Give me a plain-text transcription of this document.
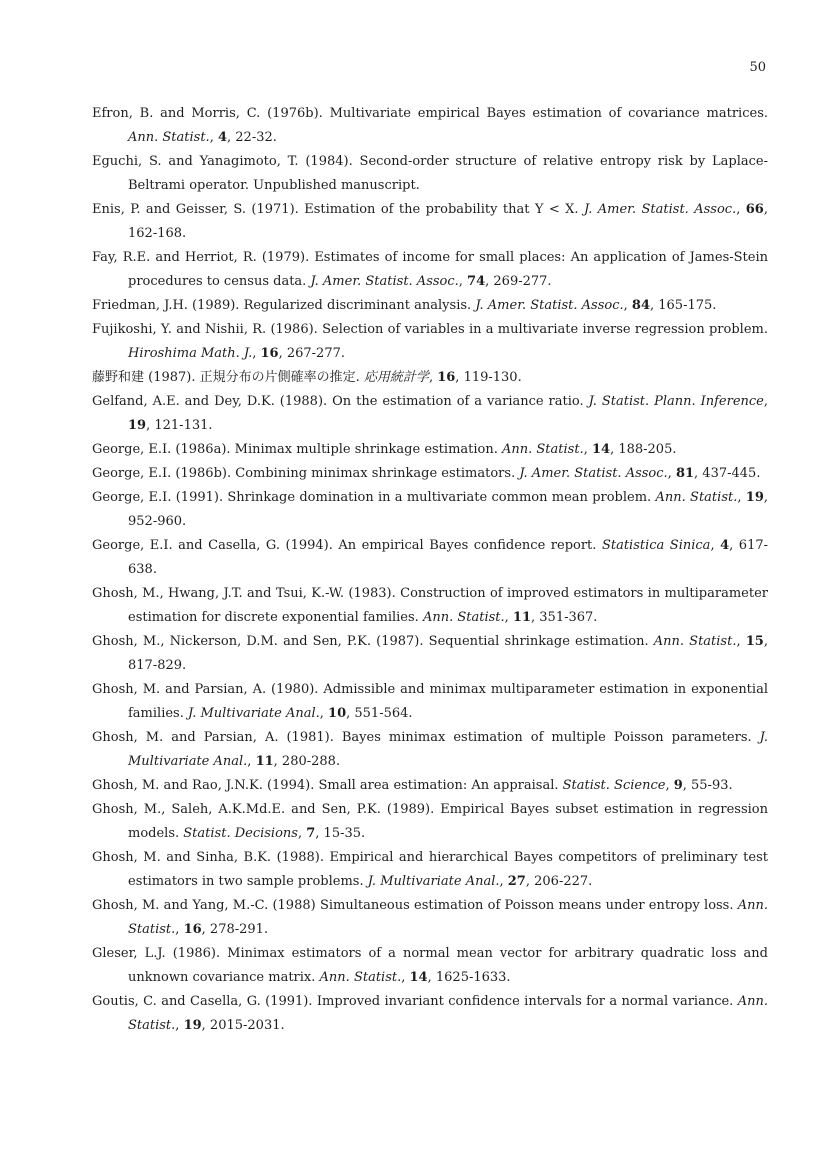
50
Efron, B. and Morris, C. (1976b). Multivariate empirical Bayes estimation of covariance matrices. Ann. Statist., 4, 22-32.
Eguchi, S. and Yanagimoto, T. (1984). Second-order structure of relative entropy risk by Laplace-Beltrami operator. Unpublished manuscript.
Enis, P. and Geisser, S. (1971). Estimation of the probability that Y < X. J. Amer. Statist. Assoc., 66, 162-168.
Fay, R.E. and Herriot, R. (1979). Estimates of income for small places: An application of James-Stein procedures to census data. J. Amer. Statist. Assoc., 74, 269-277.
Friedman, J.H. (1989). Regularized discriminant analysis. J. Amer. Statist. Assoc., 84, 165-175.
Fujikoshi, Y. and Nishii, R. (1986). Selection of variables in a multivariate inverse regression problem. Hiroshima Math. J., 16, 267-277.
藤野和建 (1987). 正規分布の片側確率の推定. 応用統計学, 16, 119-130.
Gelfand, A.E. and Dey, D.K. (1988). On the estimation of a variance ratio. J. Statist. Plann. Inference, 19, 121-131.
George, E.I. (1986a). Minimax multiple shrinkage estimation. Ann. Statist., 14, 188-205.
George, E.I. (1986b). Combining minimax shrinkage estimators. J. Amer. Statist. Assoc., 81, 437-445.
George, E.I. (1991). Shrinkage domination in a multivariate common mean problem. Ann. Statist., 19, 952-960.
George, E.I. and Casella, G. (1994). An empirical Bayes confidence report. Statistica Sinica, 4, 617-638.
Ghosh, M., Hwang, J.T. and Tsui, K.-W. (1983). Construction of improved estimators in multiparameter estimation for discrete exponential families. Ann. Statist., 11, 351-367.
Ghosh, M., Nickerson, D.M. and Sen, P.K. (1987). Sequential shrinkage estimation. Ann. Statist., 15, 817-829.
Ghosh, M. and Parsian, A. (1980). Admissible and minimax multiparameter estimation in exponential families. J. Multivariate Anal., 10, 551-564.
Ghosh, M. and Parsian, A. (1981). Bayes minimax estimation of multiple Poisson parameters. J. Multivariate Anal., 11, 280-288.
Ghosh, M. and Rao, J.N.K. (1994). Small area estimation: An appraisal. Statist. Science, 9, 55-93.
Ghosh, M., Saleh, A.K.Md.E. and Sen, P.K. (1989). Empirical Bayes subset estimation in regression models. Statist. Decisions, 7, 15-35.
Ghosh, M. and Sinha, B.K. (1988). Empirical and hierarchical Bayes competitors of preliminary test estimators in two sample problems. J. Multivariate Anal., 27, 206-227.
Ghosh, M. and Yang, M.-C. (1988) Simultaneous estimation of Poisson means under entropy loss. Ann. Statist., 16, 278-291.
Gleser, L.J. (1986). Minimax estimators of a normal mean vector for arbitrary quadratic loss and unknown covariance matrix. Ann. Statist., 14, 1625-1633.
Goutis, C. and Casella, G. (1991). Improved invariant confidence intervals for a normal variance. Ann. Statist., 19, 2015-2031.
